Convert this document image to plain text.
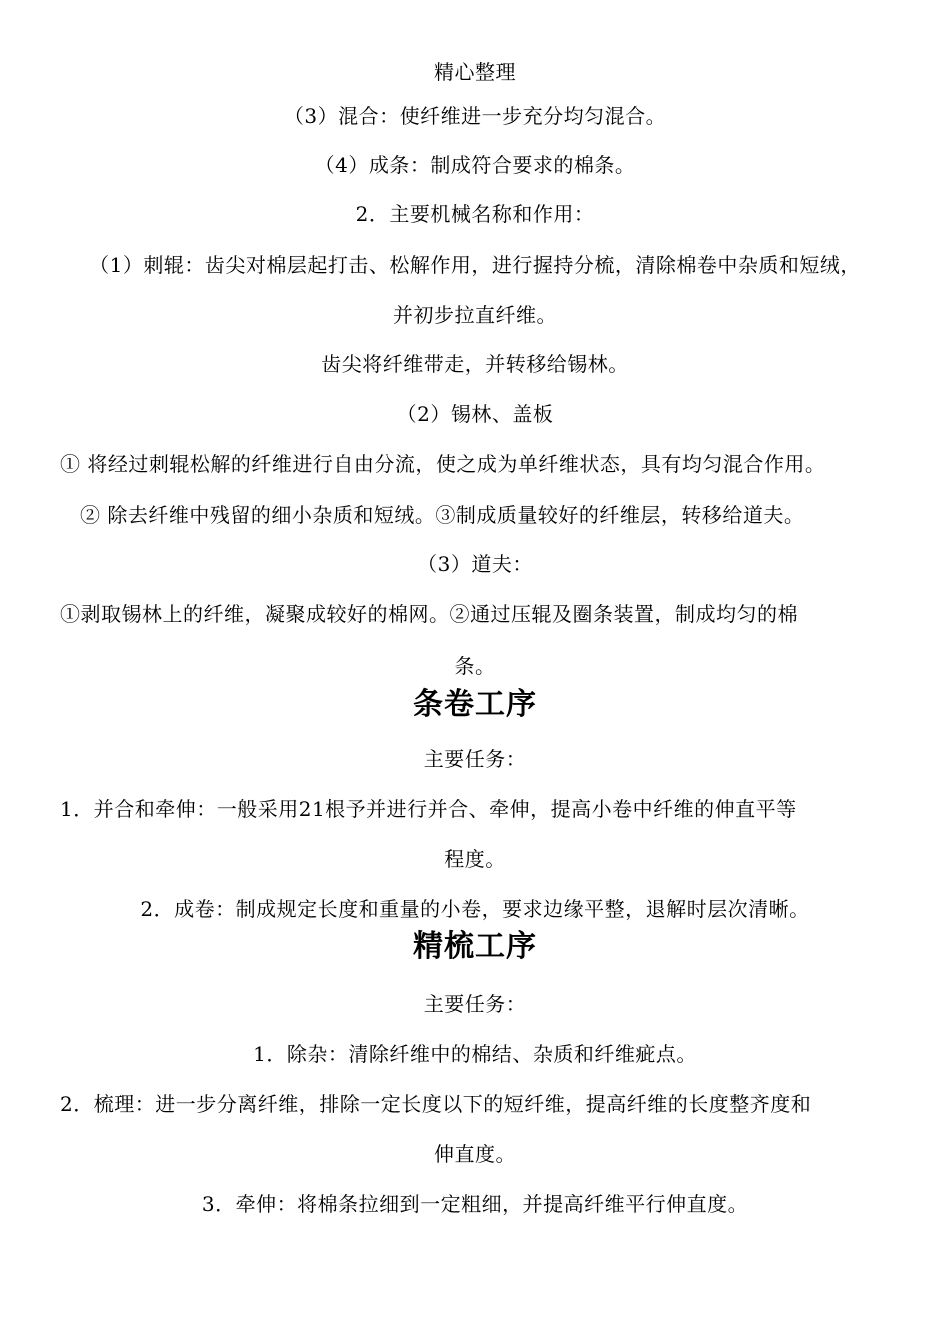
精心整理
（3）混合：使纤维进一步充分均匀混合。
（4）成条：制成符合要求的棉条。
2．主要机械名称和作用：
（1）刺辊：齿尖对棉层起打击、松解作用，进行握持分梳，清除棉卷中杂质和短绒，
并初步拉直纤维。
齿尖将纤维带走，并转移给锡林。
（2）锡林、盖板
① 将经过刺辊松解的纤维进行自由分流，使之成为单纤维状态，具有均匀混合作用。
② 除去纤维中残留的细小杂质和短绒。③制成质量较好的纤维层，转移给道夫。
（3）道夫：
①剥取锡林上的纤维，凝聚成较好的棉网。②通过压辊及圈条装置，制成均匀的棉
条。
条卷工序
主要任务：
1．并合和牵伸：一般采用21根予并进行并合、牵伸，提高小卷中纤维的伸直平等
程度。
2．成卷：制成规定长度和重量的小卷，要求边缘平整，退解时层次清晰。
精梳工序
主要任务：
1．除杂：清除纤维中的棉结、杂质和纤维疵点。
2．梳理：进一步分离纤维，排除一定长度以下的短纤维，提高纤维的长度整齐度和
伸直度。
3．牵伸：将棉条拉细到一定粗细，并提高纤维平行伸直度。
